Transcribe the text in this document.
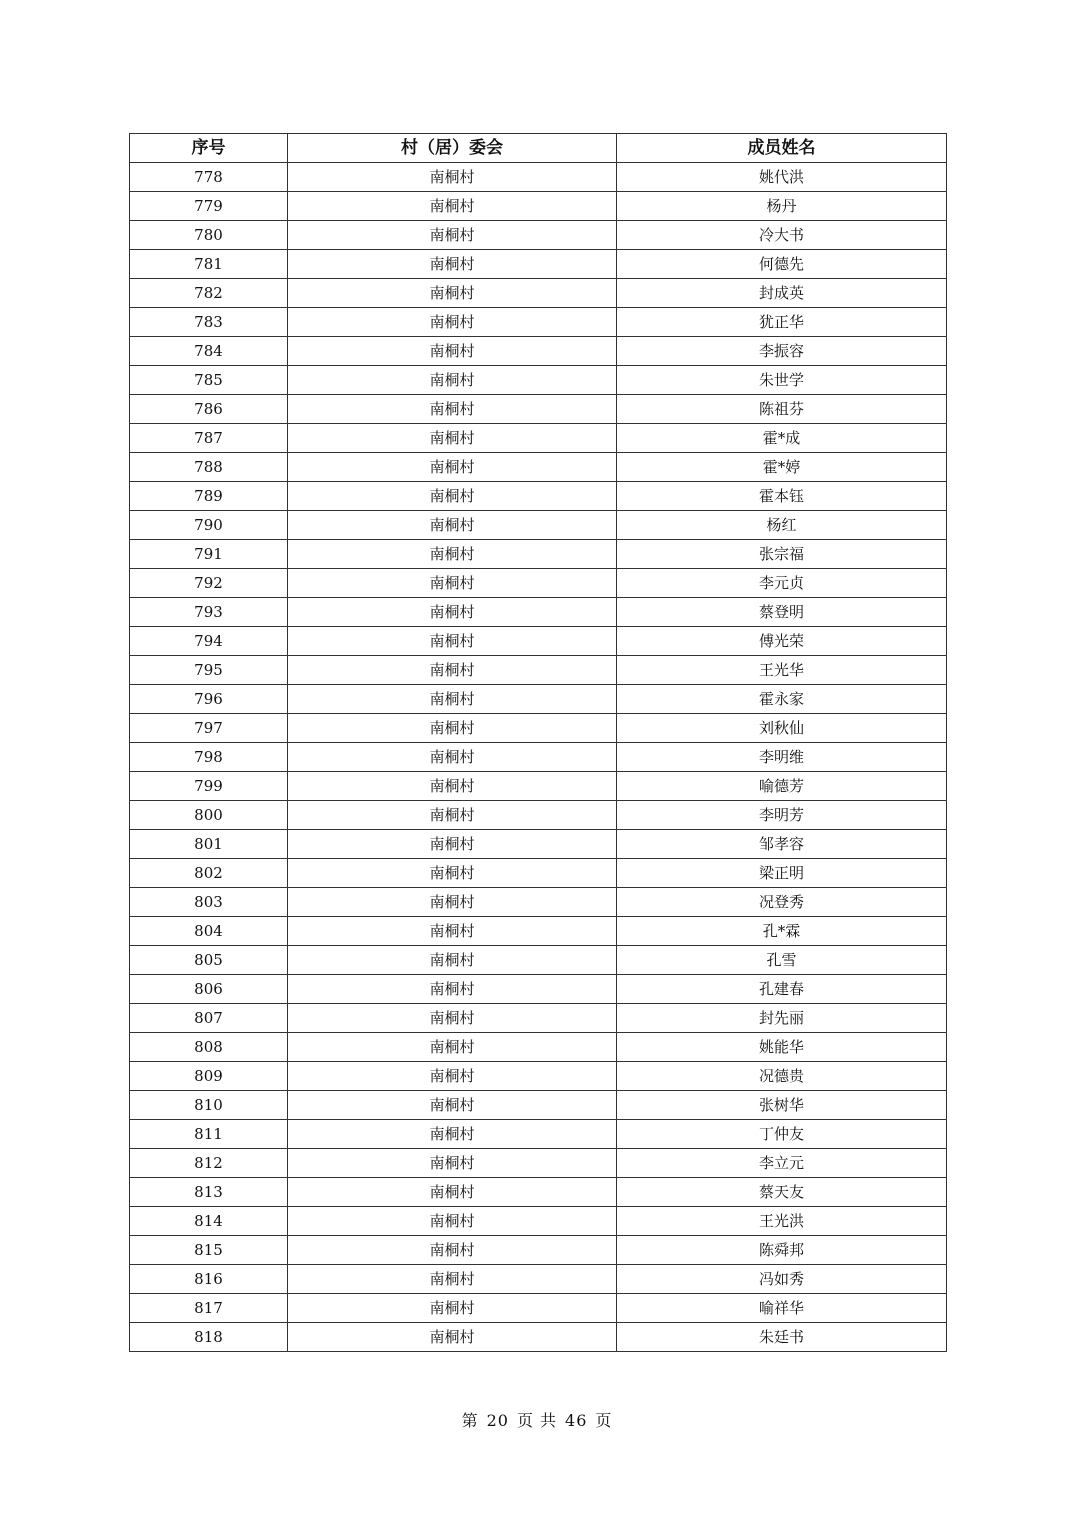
序号	村（居）委会	成员姓名
778	南桐村	姚代洪
779	南桐村	杨丹
780	南桐村	冷大书
781	南桐村	何德先
782	南桐村	封成英
783	南桐村	犹正华
784	南桐村	李振容
785	南桐村	朱世学
786	南桐村	陈祖芬
787	南桐村	霍*成
788	南桐村	霍*婷
789	南桐村	霍本钰
790	南桐村	杨红
791	南桐村	张宗福
792	南桐村	李元贞
793	南桐村	蔡登明
794	南桐村	傅光荣
795	南桐村	王光华
796	南桐村	霍永家
797	南桐村	刘秋仙
798	南桐村	李明维
799	南桐村	喻德芳
800	南桐村	李明芳
801	南桐村	邹孝容
802	南桐村	梁正明
803	南桐村	况登秀
804	南桐村	孔*霖
805	南桐村	孔雪
806	南桐村	孔建春
807	南桐村	封先丽
808	南桐村	姚能华
809	南桐村	况德贵
810	南桐村	张树华
811	南桐村	丁仲友
812	南桐村	李立元
813	南桐村	蔡天友
814	南桐村	王光洪
815	南桐村	陈舜邦
816	南桐村	冯如秀
817	南桐村	喻祥华
818	南桐村	朱廷书
第 20 页 共 46 页
